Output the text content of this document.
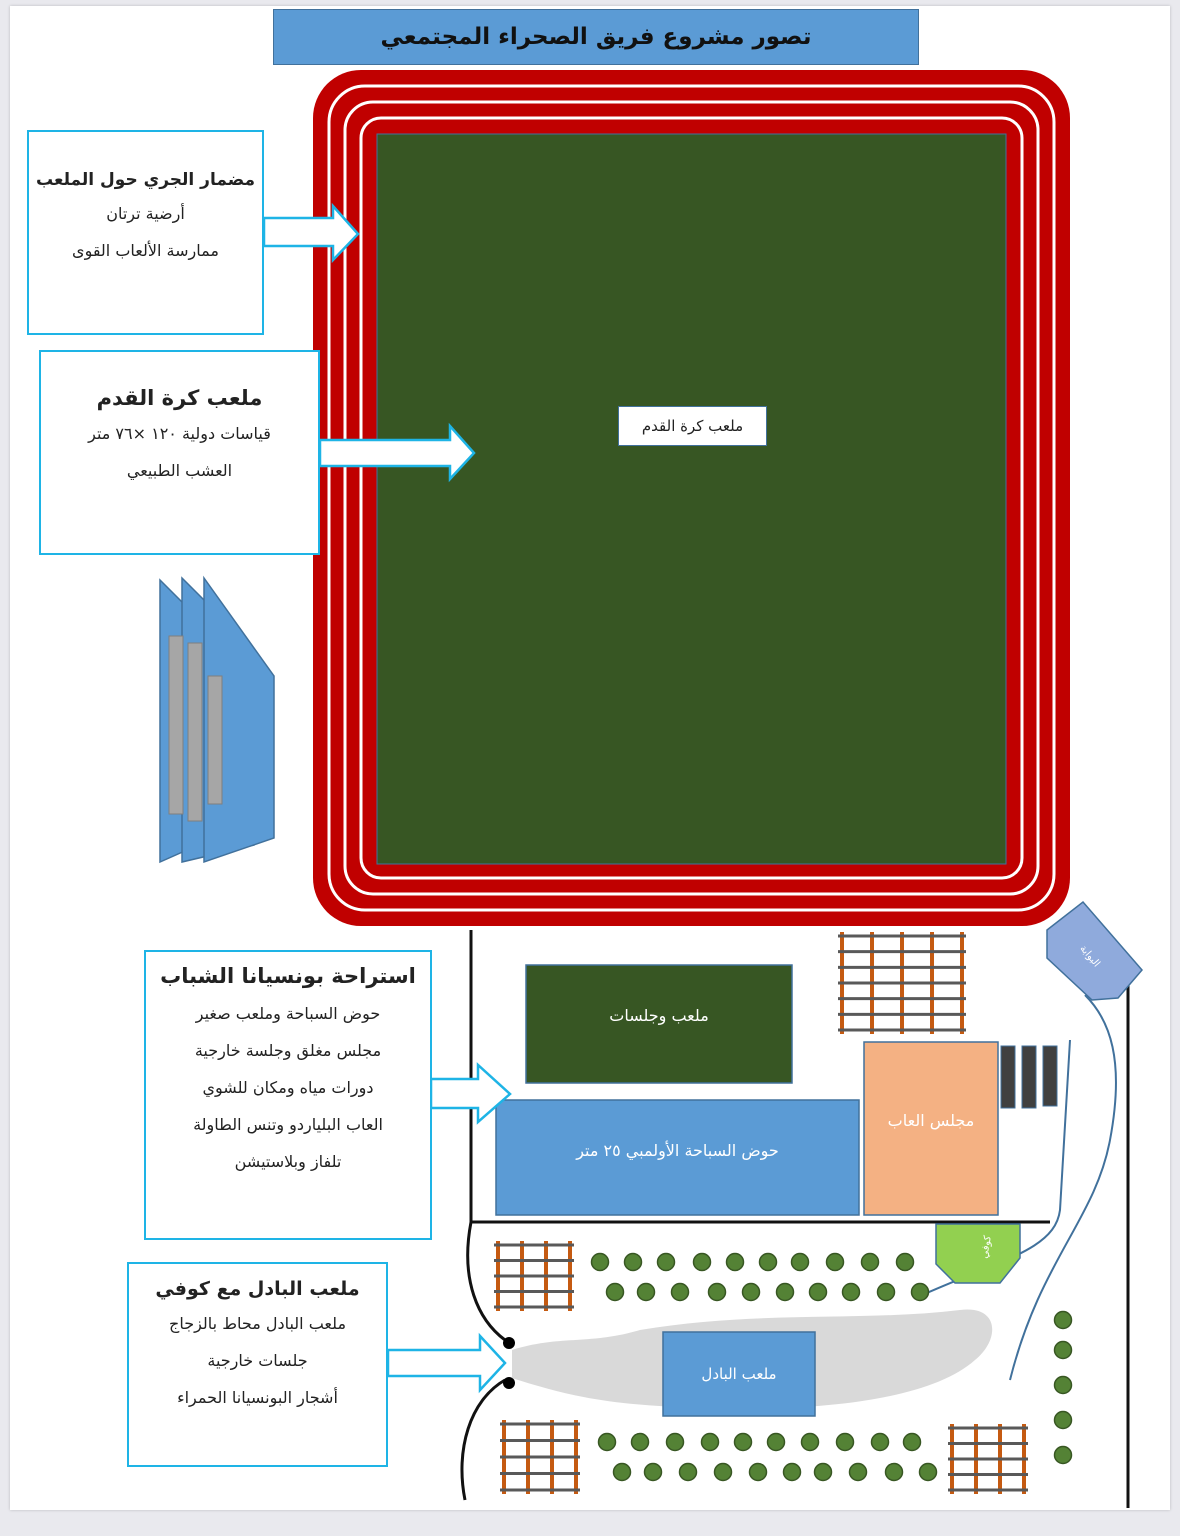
تصور مشروع فريق الصحراء المجتمعي
مضمار الجري حول الملعب
أرضية ترتان
ممارسة الألعاب القوى
ملعب كرة القدم
قياسات دولية ١٢٠ ×٧٦ متر
العشب الطبيعي
استراحة بونسيانا الشباب
حوض السباحة وملعب صغير
مجلس مغلق وجلسة خارجية
دورات مياه ومكان للشوي
العاب البلياردو وتنس الطاولة
تلفاز وبلاستيشن
ملعب البادل مع كوفي
ملعب البادل محاط بالزجاج
جلسات خارجية
أشجار البونسيانا الحمراء
ملعب كرة القدم
ملعب وجلسات
حوض السباحة الأولمبي ٢٥ متر
مجلس العاب
ملعب البادل
كوفي
البوابة
